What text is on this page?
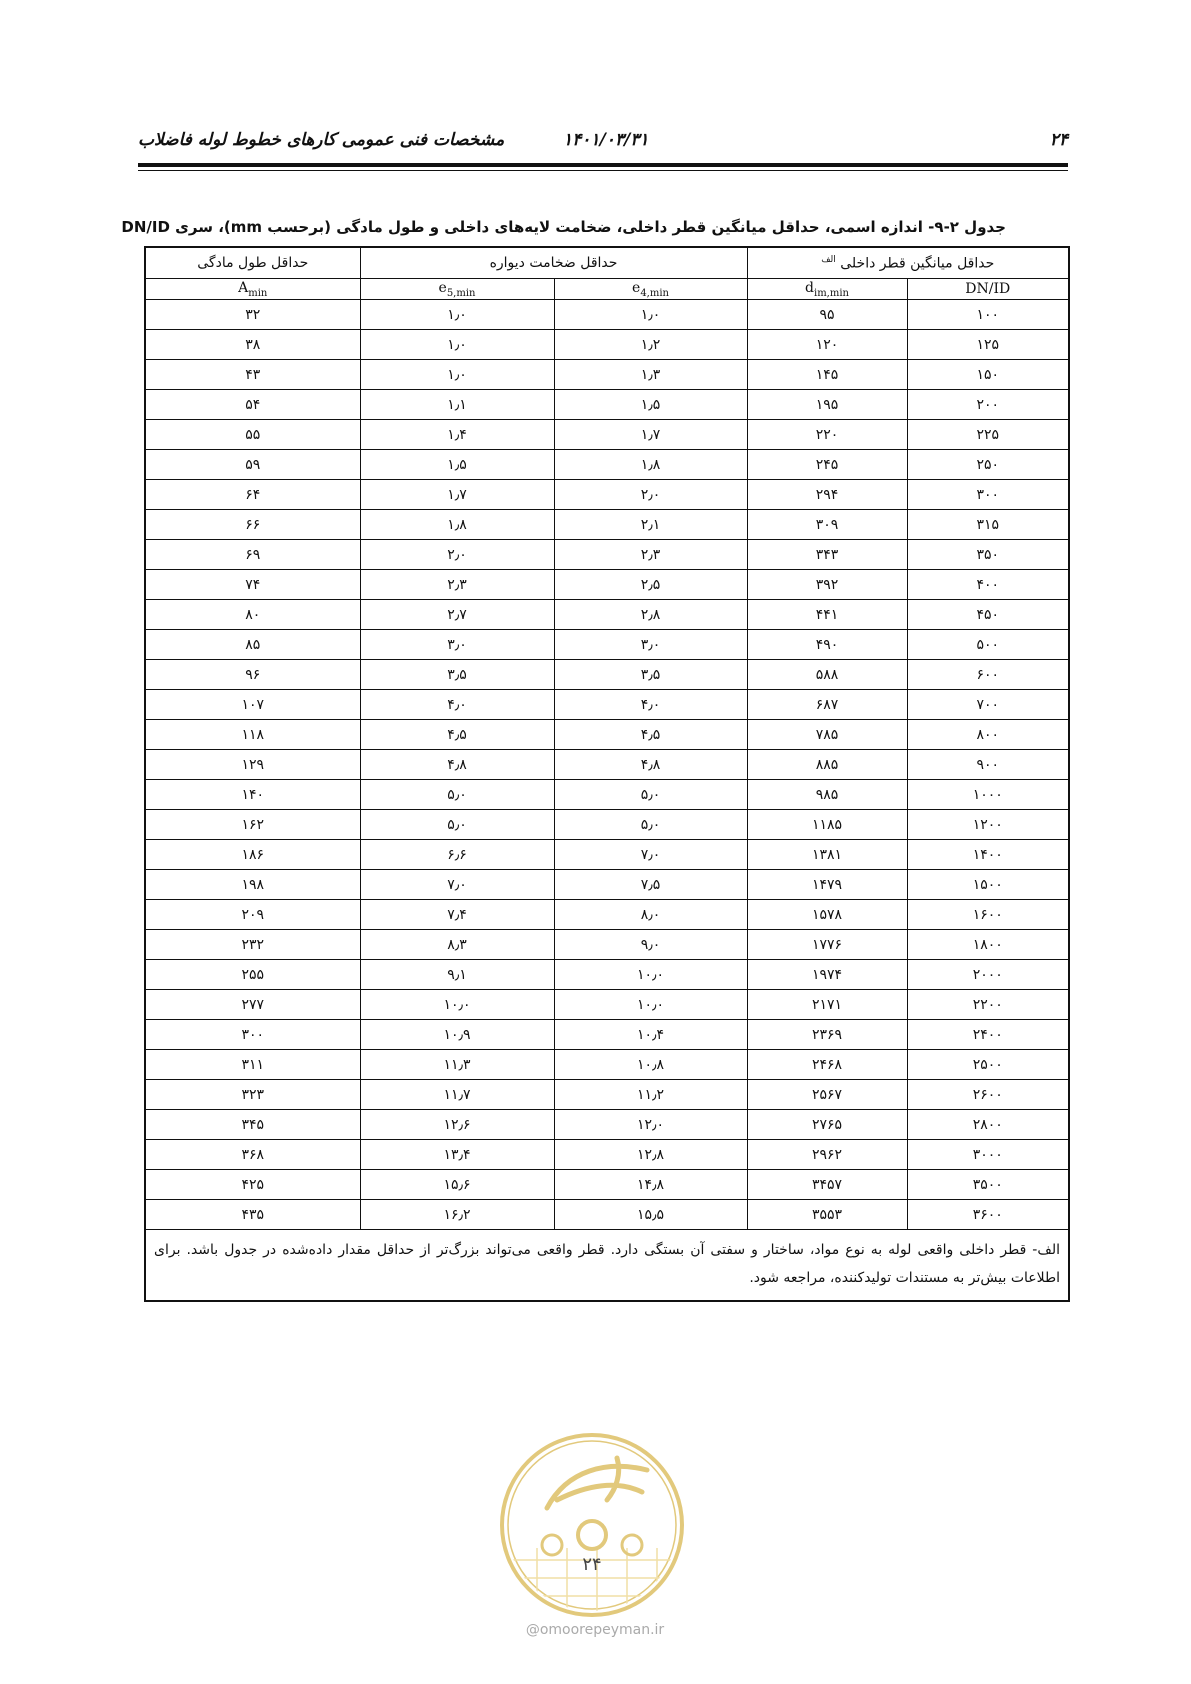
۲۴
۱۴۰۱/۰۳/۳۱
مشخصات فنی عمومی کارهای خطوط لوله فاضلاب
جدول ۲-۹- اندازه اسمی، حداقل میانگین قطر داخلی، ضخامت لایه‌های داخلی و طول مادگی (برحسب mm)، سری DN/ID
حداقل میانگین قطر داخلی $^{الف}$		حداقل ضخامت دیواره		حداقل طول مادگی
DN/ID	$d_{im,min}$	$e_{4,min}$	$e_{5,min}$	$A_{min}$
۱۰۰	۹۵	۱٫۰	۱٫۰	۳۲
۱۲۵	۱۲۰	۱٫۲	۱٫۰	۳۸
۱۵۰	۱۴۵	۱٫۳	۱٫۰	۴۳
۲۰۰	۱۹۵	۱٫۵	۱٫۱	۵۴
۲۲۵	۲۲۰	۱٫۷	۱٫۴	۵۵
۲۵۰	۲۴۵	۱٫۸	۱٫۵	۵۹
۳۰۰	۲۹۴	۲٫۰	۱٫۷	۶۴
۳۱۵	۳۰۹	۲٫۱	۱٫۸	۶۶
۳۵۰	۳۴۳	۲٫۳	۲٫۰	۶۹
۴۰۰	۳۹۲	۲٫۵	۲٫۳	۷۴
۴۵۰	۴۴۱	۲٫۸	۲٫۷	۸۰
۵۰۰	۴۹۰	۳٫۰	۳٫۰	۸۵
۶۰۰	۵۸۸	۳٫۵	۳٫۵	۹۶
۷۰۰	۶۸۷	۴٫۰	۴٫۰	۱۰۷
۸۰۰	۷۸۵	۴٫۵	۴٫۵	۱۱۸
۹۰۰	۸۸۵	۴٫۸	۴٫۸	۱۲۹
۱۰۰۰	۹۸۵	۵٫۰	۵٫۰	۱۴۰
۱۲۰۰	۱۱۸۵	۵٫۰	۵٫۰	۱۶۲
۱۴۰۰	۱۳۸۱	۷٫۰	۶٫۶	۱۸۶
۱۵۰۰	۱۴۷۹	۷٫۵	۷٫۰	۱۹۸
۱۶۰۰	۱۵۷۸	۸٫۰	۷٫۴	۲۰۹
۱۸۰۰	۱۷۷۶	۹٫۰	۸٫۳	۲۳۲
۲۰۰۰	۱۹۷۴	۱۰٫۰	۹٫۱	۲۵۵
۲۲۰۰	۲۱۷۱	۱۰٫۰	۱۰٫۰	۲۷۷
۲۴۰۰	۲۳۶۹	۱۰٫۴	۱۰٫۹	۳۰۰
۲۵۰۰	۲۴۶۸	۱۰٫۸	۱۱٫۳	۳۱۱
۲۶۰۰	۲۵۶۷	۱۱٫۲	۱۱٫۷	۳۲۳
۲۸۰۰	۲۷۶۵	۱۲٫۰	۱۲٫۶	۳۴۵
۳۰۰۰	۲۹۶۲	۱۲٫۸	۱۳٫۴	۳۶۸
۳۵۰۰	۳۴۵۷	۱۴٫۸	۱۵٫۶	۴۲۵
۳۶۰۰	۳۵۵۳	۱۵٫۵	۱۶٫۲	۴۳۵
الف- قطر داخلی واقعی لوله به نوع مواد، ساختار و سفتی آن بستگی دارد. قطر واقعی می‌تواند بزرگ‌تر از حداقل مقدار داده‌شده در جدول باشد. برای اطلاعات بیش‌تر به مستندات تولیدکننده، مراجعه شود.				
۲۴
@omoorepeyman.ir
